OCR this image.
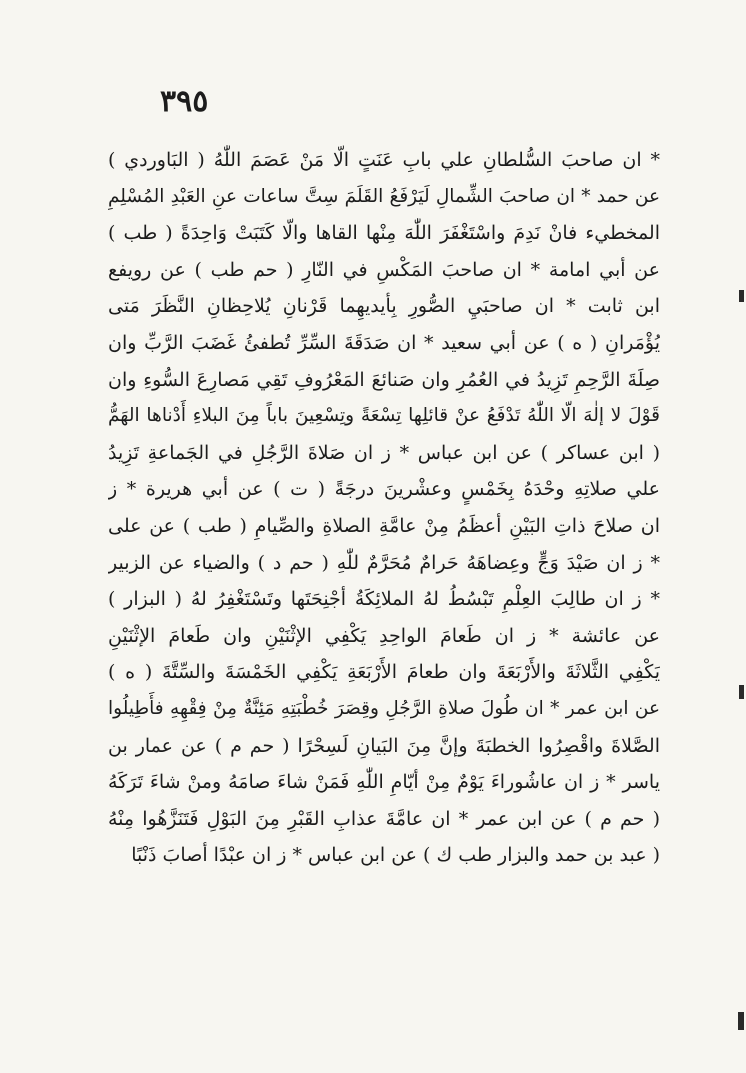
٣٩٥
* ان صاحبَ السُّلطانِ علي بابِ عَنَتٍ الّا مَنْ عَصَمَ اللّٰهُ ( البَاوردي )
عن حمد * ان صاحبَ الشِّمالِ لَيَرْفَعُ القَلَمَ سِتَّ ساعات عنِ العَبْدِ المُسْلِمِ
المخطيء فانْ نَدِمَ واسْتَغْفَرَ اللّٰهَ مِنْها القاها والّا كَتَبَتْ وَاحِدَةً ( طب )
عن أبي امامة * ان صاحبَ المَكْسِ في النّارِ ( حم طب ) عن رويفع
ابن ثابت * ان صاحبَيِ الصُّورِ بِأيديهِما قَرْنانِ يُلاحِظانِ النَّظَرَ مَتى
يُؤْمَرانِ ( ه ) عن أبي سعيد * ان صَدَقَةَ السِّرِّ تُطفئُ غَضَبَ الرَّبِّ وان
صِلَةَ الرَّحِمِ تَزِيدُ في العُمُرِ وان صَنائعَ المَعْرُوفِ تَقِي مَصارِعَ السُّوءِ وان
قَوْلَ لا إلٰهَ الّا اللّٰهُ تَدْفَعُ عنْ قائلِها تِسْعَةً وتِسْعِينَ باباً مِنَ البلاءِ أَدْناها الهَمُّ
( ابن عساكر ) عن ابن عباس * ز ان صَلاةَ الرَّجُلِ في الجَماعةِ تَزِيدُ
علي صلاتِهِ وحْدَهُ بِخَمْسٍ وعشْرينَ درجَةً ( ت ) عن أبي هريرة * ز
ان صلاحَ ذاتِ البَيْنِ أعظَمُ مِنْ عامَّةِ الصلاةِ والصِّيامِ ( طب ) عن على
* ز ان صَيْدَ وَجٍّ وعِضاهَهُ حَرامٌ مُحَرَّمٌ للّٰهِ ( حم د ) والضياء عن الزبير
* ز ان طالِبَ العِلْمِ تَبْسُطُ لهُ الملائِكَةُ أجْنِحَتَها وتَسْتَغْفِرُ لهُ ( البزار )
عن عائشة * ز ان طَعامَ الواحِدِ يَكْفِي الإثْنَيْنِ وان طَعامَ الإثْنَيْنِ
يَكْفِي الثَّلاثَةَ والأَرْبَعَةَ وان طعامَ الأَرْبَعَةِ يَكْفِي الخَمْسَةَ والسِّتَّةَ ( ه )
عن ابن عمر * ان طُولَ صلاةِ الرَّجُلِ وقِصَرَ خُطْبَتِهِ مَئِنَّةٌ مِنْ فِقْهِهِ فأَطِيلُوا
الصَّلاةَ واقْصِرُوا الخطبَةَ وإنَّ مِنَ البَيانِ لَسِحْرًا ( حم م ) عن عمار بن
ياسر * ز ان عاشُوراءَ يَوْمٌ مِنْ أيّامِ اللّٰهِ فَمَنْ شاءَ صامَهُ ومنْ شاءَ تَرَكَهُ
( حم م ) عن ابن عمر * ان عامَّةَ عذابِ القَبْرِ مِنَ البَوْلِ فَتَنَزَّهُوا مِنْهُ
( عبد بن حمد والبزار طب ك ) عن ابن عباس * ز ان عبْدًا أصابَ ذَنْبًا
